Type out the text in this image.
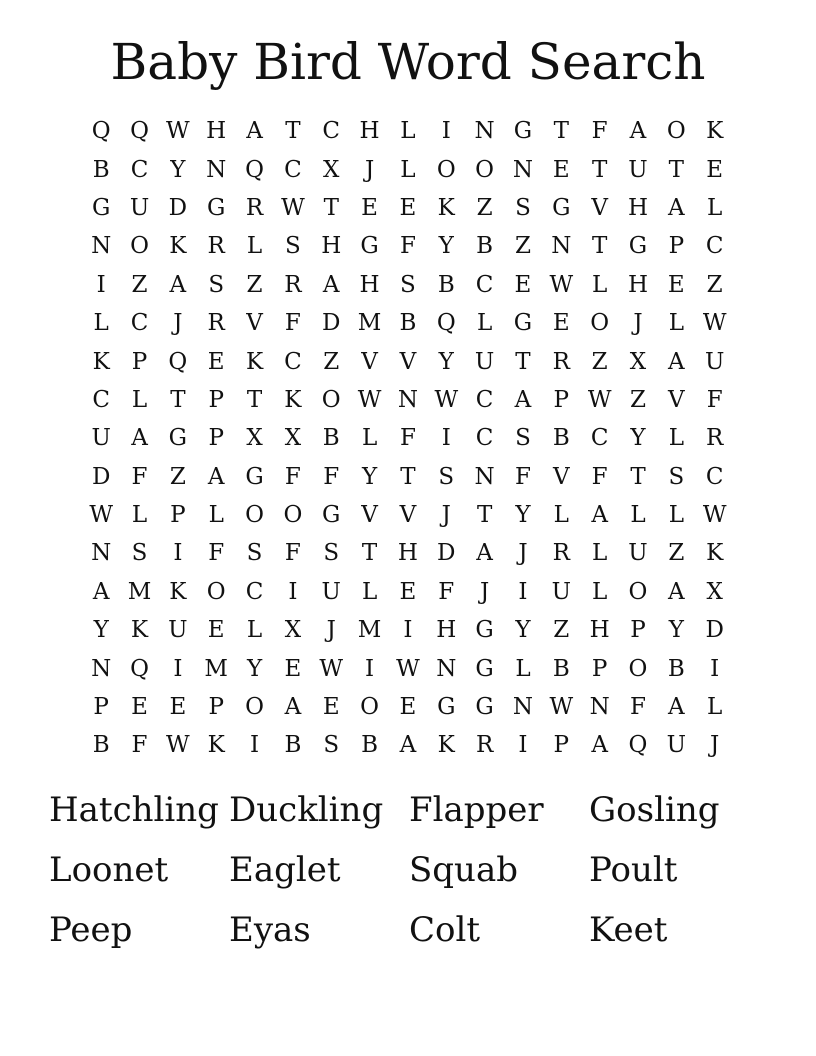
Baby Bird Word Search
Q Q W H A T C H L	I	N G T F A O K
B C Y N Q C X	J	L O O N E T U T E
G U D G R W T E E K Z S G V H A L
N O K R L S H G F Y B Z N T G P C
I	Z A S Z R A H S B C E W L H E Z
L C	J	R V F D M B Q L G E O	J	L W
K P Q E K C Z V V Y U T R Z X A U
C L	T P T K O W N W C A P W Z V F
U A G P X X B L F	I	C S B C Y	L R
D F Z A G F F Y	T S N F V F T S C
W L P L O O G V V	J	T	Y	L A L	L W
N S	I	F S F S T H D A	J	R L U Z K
A M K O C	I	U L E F	J	I	U L O A X
Y K U E L X	J M I	H G Y Z H P	Y D
N Q	I M Y E W I W N G L B P O B	I
P E E P O A E O E G G N W N F A L
B F W K	I	B S B A K R	I	P A Q U	J
Hatchling Duckling Flapper	Gosling
Loonet	Eaglet	Squab	Poult
Peep	Eyas	Colt	Keet
